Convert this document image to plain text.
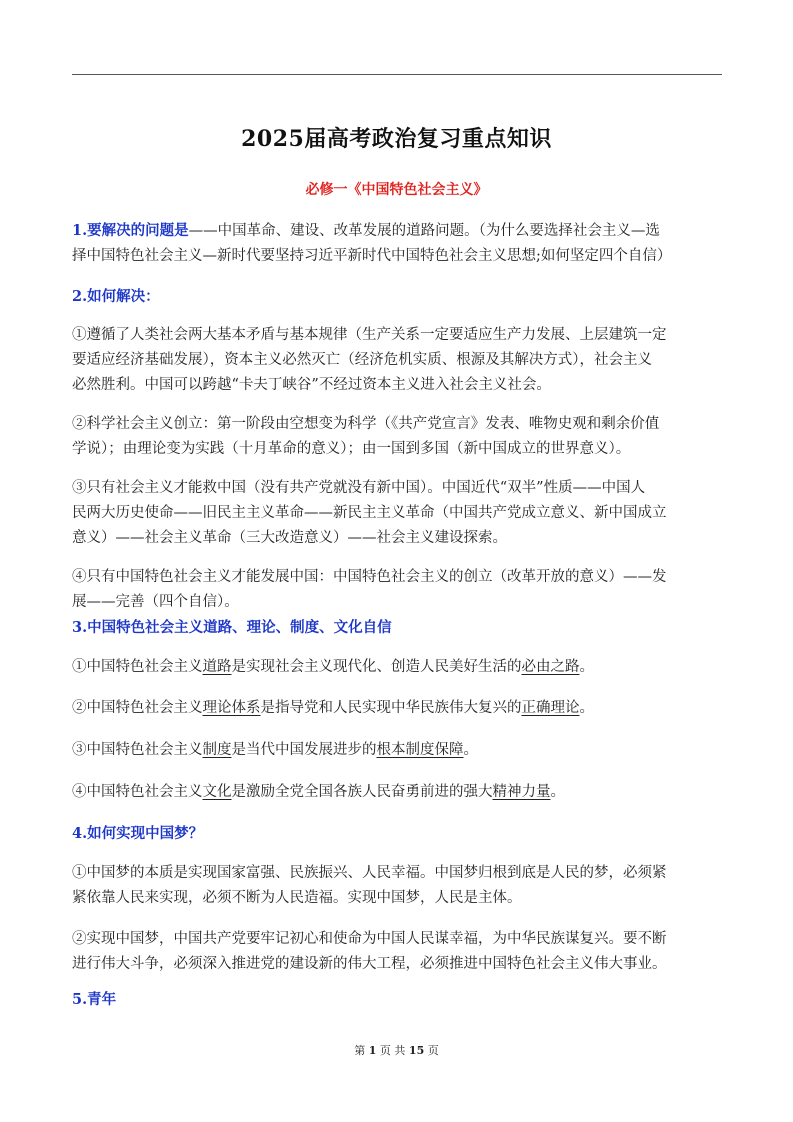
2025届高考政治复习重点知识
必修一《中国特色社会主义》
1.要解决的问题是——中国革命、建设、改革发展的道路问题。（为什么要选择社会主义—选
择中国特色社会主义—新时代要坚持习近平新时代中国特色社会主义思想;如何坚定四个自信）
2.如何解决：
①遵循了人类社会两大基本矛盾与基本规律（生产关系一定要适应生产力发展、上层建筑一定
要适应经济基础发展），资本主义必然灭亡（经济危机实质、根源及其解决方式），社会主义
必然胜利。中国可以跨越“卡夫丁峡谷”不经过资本主义进入社会主义社会。
②科学社会主义创立：第一阶段由空想变为科学（《共产党宣言》发表、唯物史观和剩余价值
学说）；由理论变为实践（十月革命的意义）；由一国到多国（新中国成立的世界意义）。
③只有社会主义才能救中国（没有共产党就没有新中国）。中国近代“双半”性质——中国人
民两大历史使命——旧民主主义革命——新民主主义革命（中国共产党成立意义、新中国成立
意义）——社会主义革命（三大改造意义）——社会主义建设探索。
④只有中国特色社会主义才能发展中国：中国特色社会主义的创立（改革开放的意义）——发
展——完善（四个自信）。
3.中国特色社会主义道路、理论、制度、文化自信
①中国特色社会主义道路是实现社会主义现代化、创造人民美好生活的必由之路。
②中国特色社会主义理论体系是指导党和人民实现中华民族伟大复兴的正确理论。
③中国特色社会主义制度是当代中国发展进步的根本制度保障。
④中国特色社会主义文化是激励全党全国各族人民奋勇前进的强大精神力量。
4.如何实现中国梦？
①中国梦的本质是实现国家富强、民族振兴、人民幸福。中国梦归根到底是人民的梦，必须紧
紧依靠人民来实现，必须不断为人民造福。实现中国梦，人民是主体。
②实现中国梦，中国共产党要牢记初心和使命为中国人民谋幸福，为中华民族谋复兴。要不断
进行伟大斗争，必须深入推进党的建设新的伟大工程，必须推进中国特色社会主义伟大事业。
5.青年
第 1 页 共 15 页
